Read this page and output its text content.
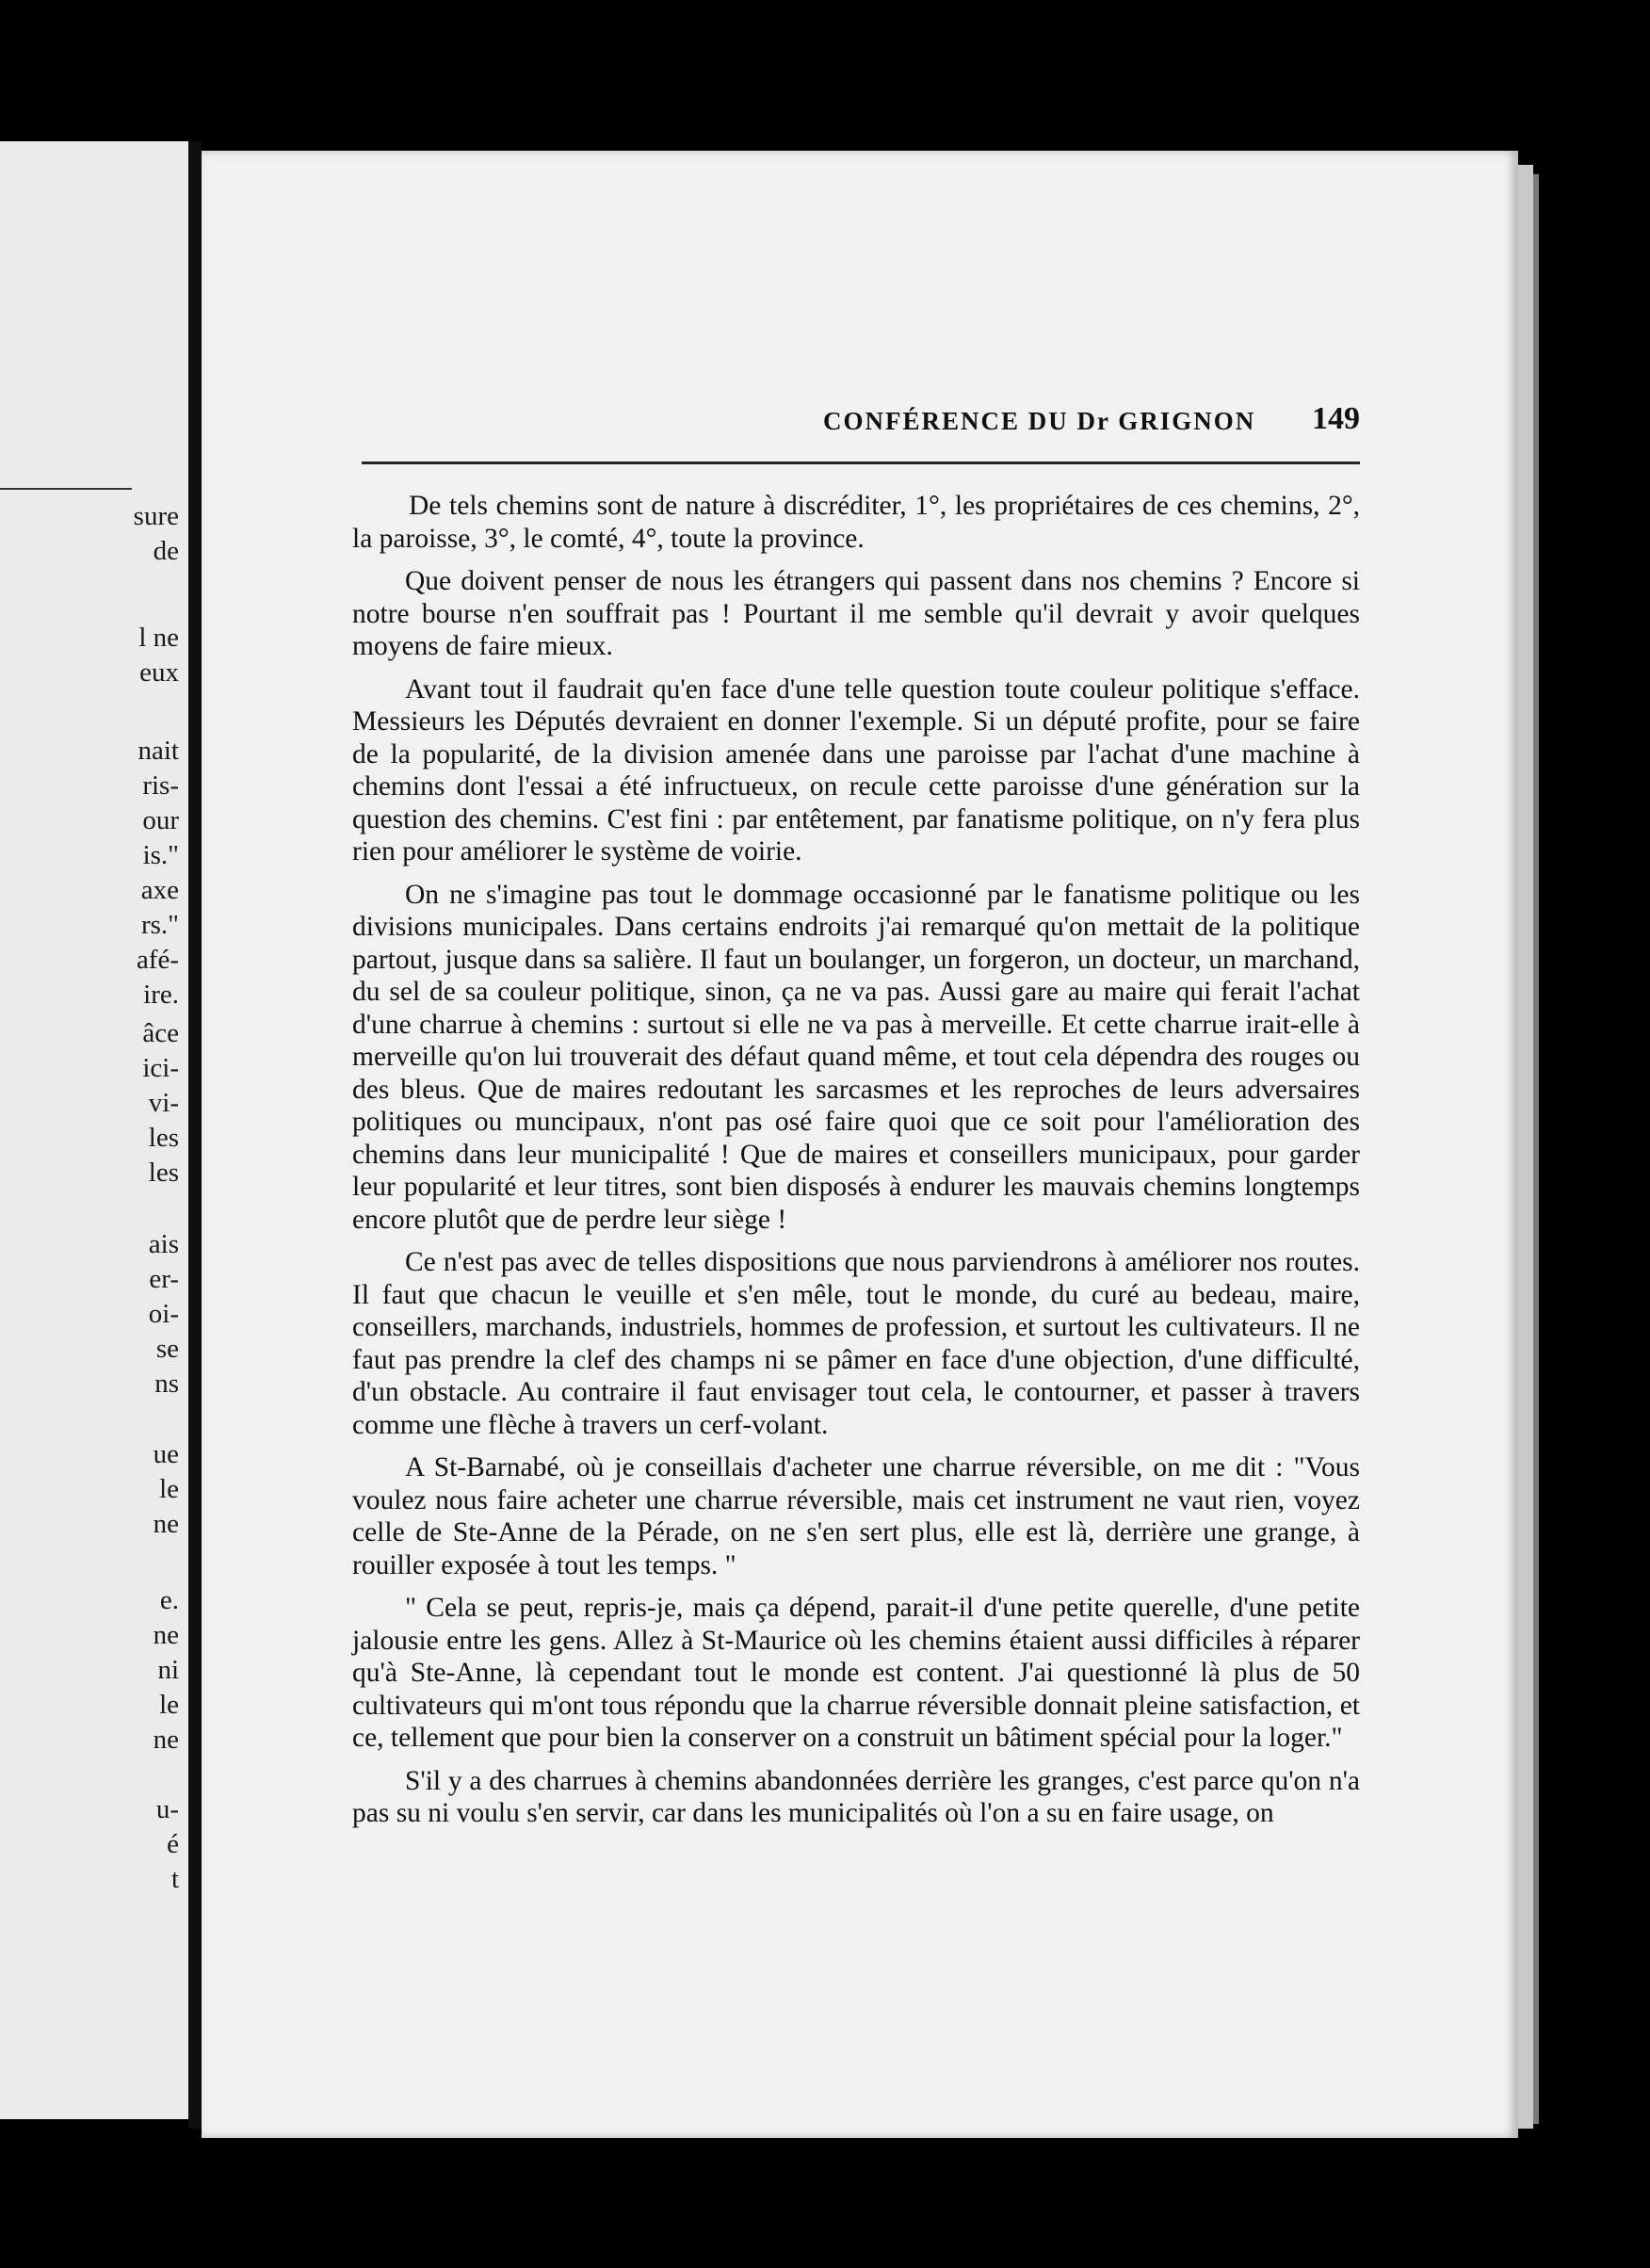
sure
de
l ne
eux
nait
ris-
our
is."
axe
rs."
afé-
ire.
âce
ici-
vi-
les
les
ais
er-
oi-
se
ns
ue
le
ne
e.
ne
ni
le
ne
u-
é
t
CONFÉRENCE DU Dr GRIGNON 149

De tels chemins sont de nature à discréditer, 1°, les propriétaires de ces chemins, 2°, la paroisse, 3°, le comté, 4°, toute la province.

Que doivent penser de nous les étrangers qui passent dans nos chemins ? Encore si notre bourse n'en souffrait pas ! Pourtant il me semble qu'il devrait y avoir quelques moyens de faire mieux.

Avant tout il faudrait qu'en face d'une telle question toute couleur politique s'efface. Messieurs les Députés devraient en donner l'exemple. Si un député profite, pour se faire de la popularité, de la division amenée dans une paroisse par l'achat d'une machine à chemins dont l'essai a été infructueux, on recule cette paroisse d'une génération sur la question des chemins. C'est fini : par entêtement, par fanatisme politique, on n'y fera plus rien pour améliorer le système de voirie.

On ne s'imagine pas tout le dommage occasionné par le fanatisme politique ou les divisions municipales. Dans certains endroits j'ai remarqué qu'on mettait de la politique partout, jusque dans sa salière. Il faut un boulanger, un forgeron, un docteur, un marchand, du sel de sa couleur politique, sinon, ça ne va pas. Aussi gare au maire qui ferait l'achat d'une charrue à chemins : surtout si elle ne va pas à merveille. Et cette charrue irait-elle à merveille qu'on lui trouverait des défaut quand même, et tout cela dépendra des rouges ou des bleus. Que de maires redoutant les sarcasmes et les reproches de leurs adversaires politiques ou muncipaux, n'ont pas osé faire quoi que ce soit pour l'amélioration des chemins dans leur municipalité ! Que de maires et conseillers municipaux, pour garder leur popularité et leur titres, sont bien disposés à endurer les mauvais chemins longtemps encore plutôt que de perdre leur siège !

Ce n'est pas avec de telles dispositions que nous parviendrons à améliorer nos routes. Il faut que chacun le veuille et s'en mêle, tout le monde, du curé au bedeau, maire, conseillers, marchands, industriels, hommes de profession, et surtout les cultivateurs. Il ne faut pas prendre la clef des champs ni se pâmer en face d'une objection, d'une difficulté, d'un obstacle. Au contraire il faut envisager tout cela, le contourner, et passer à travers comme une flèche à travers un cerf-volant.

A St-Barnabé, où je conseillais d'acheter une charrue réversible, on me dit : "Vous voulez nous faire acheter une charrue réversible, mais cet instrument ne vaut rien, voyez celle de Ste-Anne de la Pérade, on ne s'en sert plus, elle est là, derrière une grange, à rouiller exposée à tout les temps. "

" Cela se peut, repris-je, mais ça dépend, parait-il d'une petite querelle, d'une petite jalousie entre les gens. Allez à St-Maurice où les chemins étaient aussi difficiles à réparer qu'à Ste-Anne, là cependant tout le monde est content. J'ai questionné là plus de 50 cultivateurs qui m'ont tous répondu que la charrue réversible donnait pleine satisfaction, et ce, tellement que pour bien la conserver on a construit un bâtiment spécial pour la loger."

S'il y a des charrues à chemins abandonnées derrière les granges, c'est parce qu'on n'a pas su ni voulu s'en servir, car dans les municipalités où l'on a su en faire usage, on
